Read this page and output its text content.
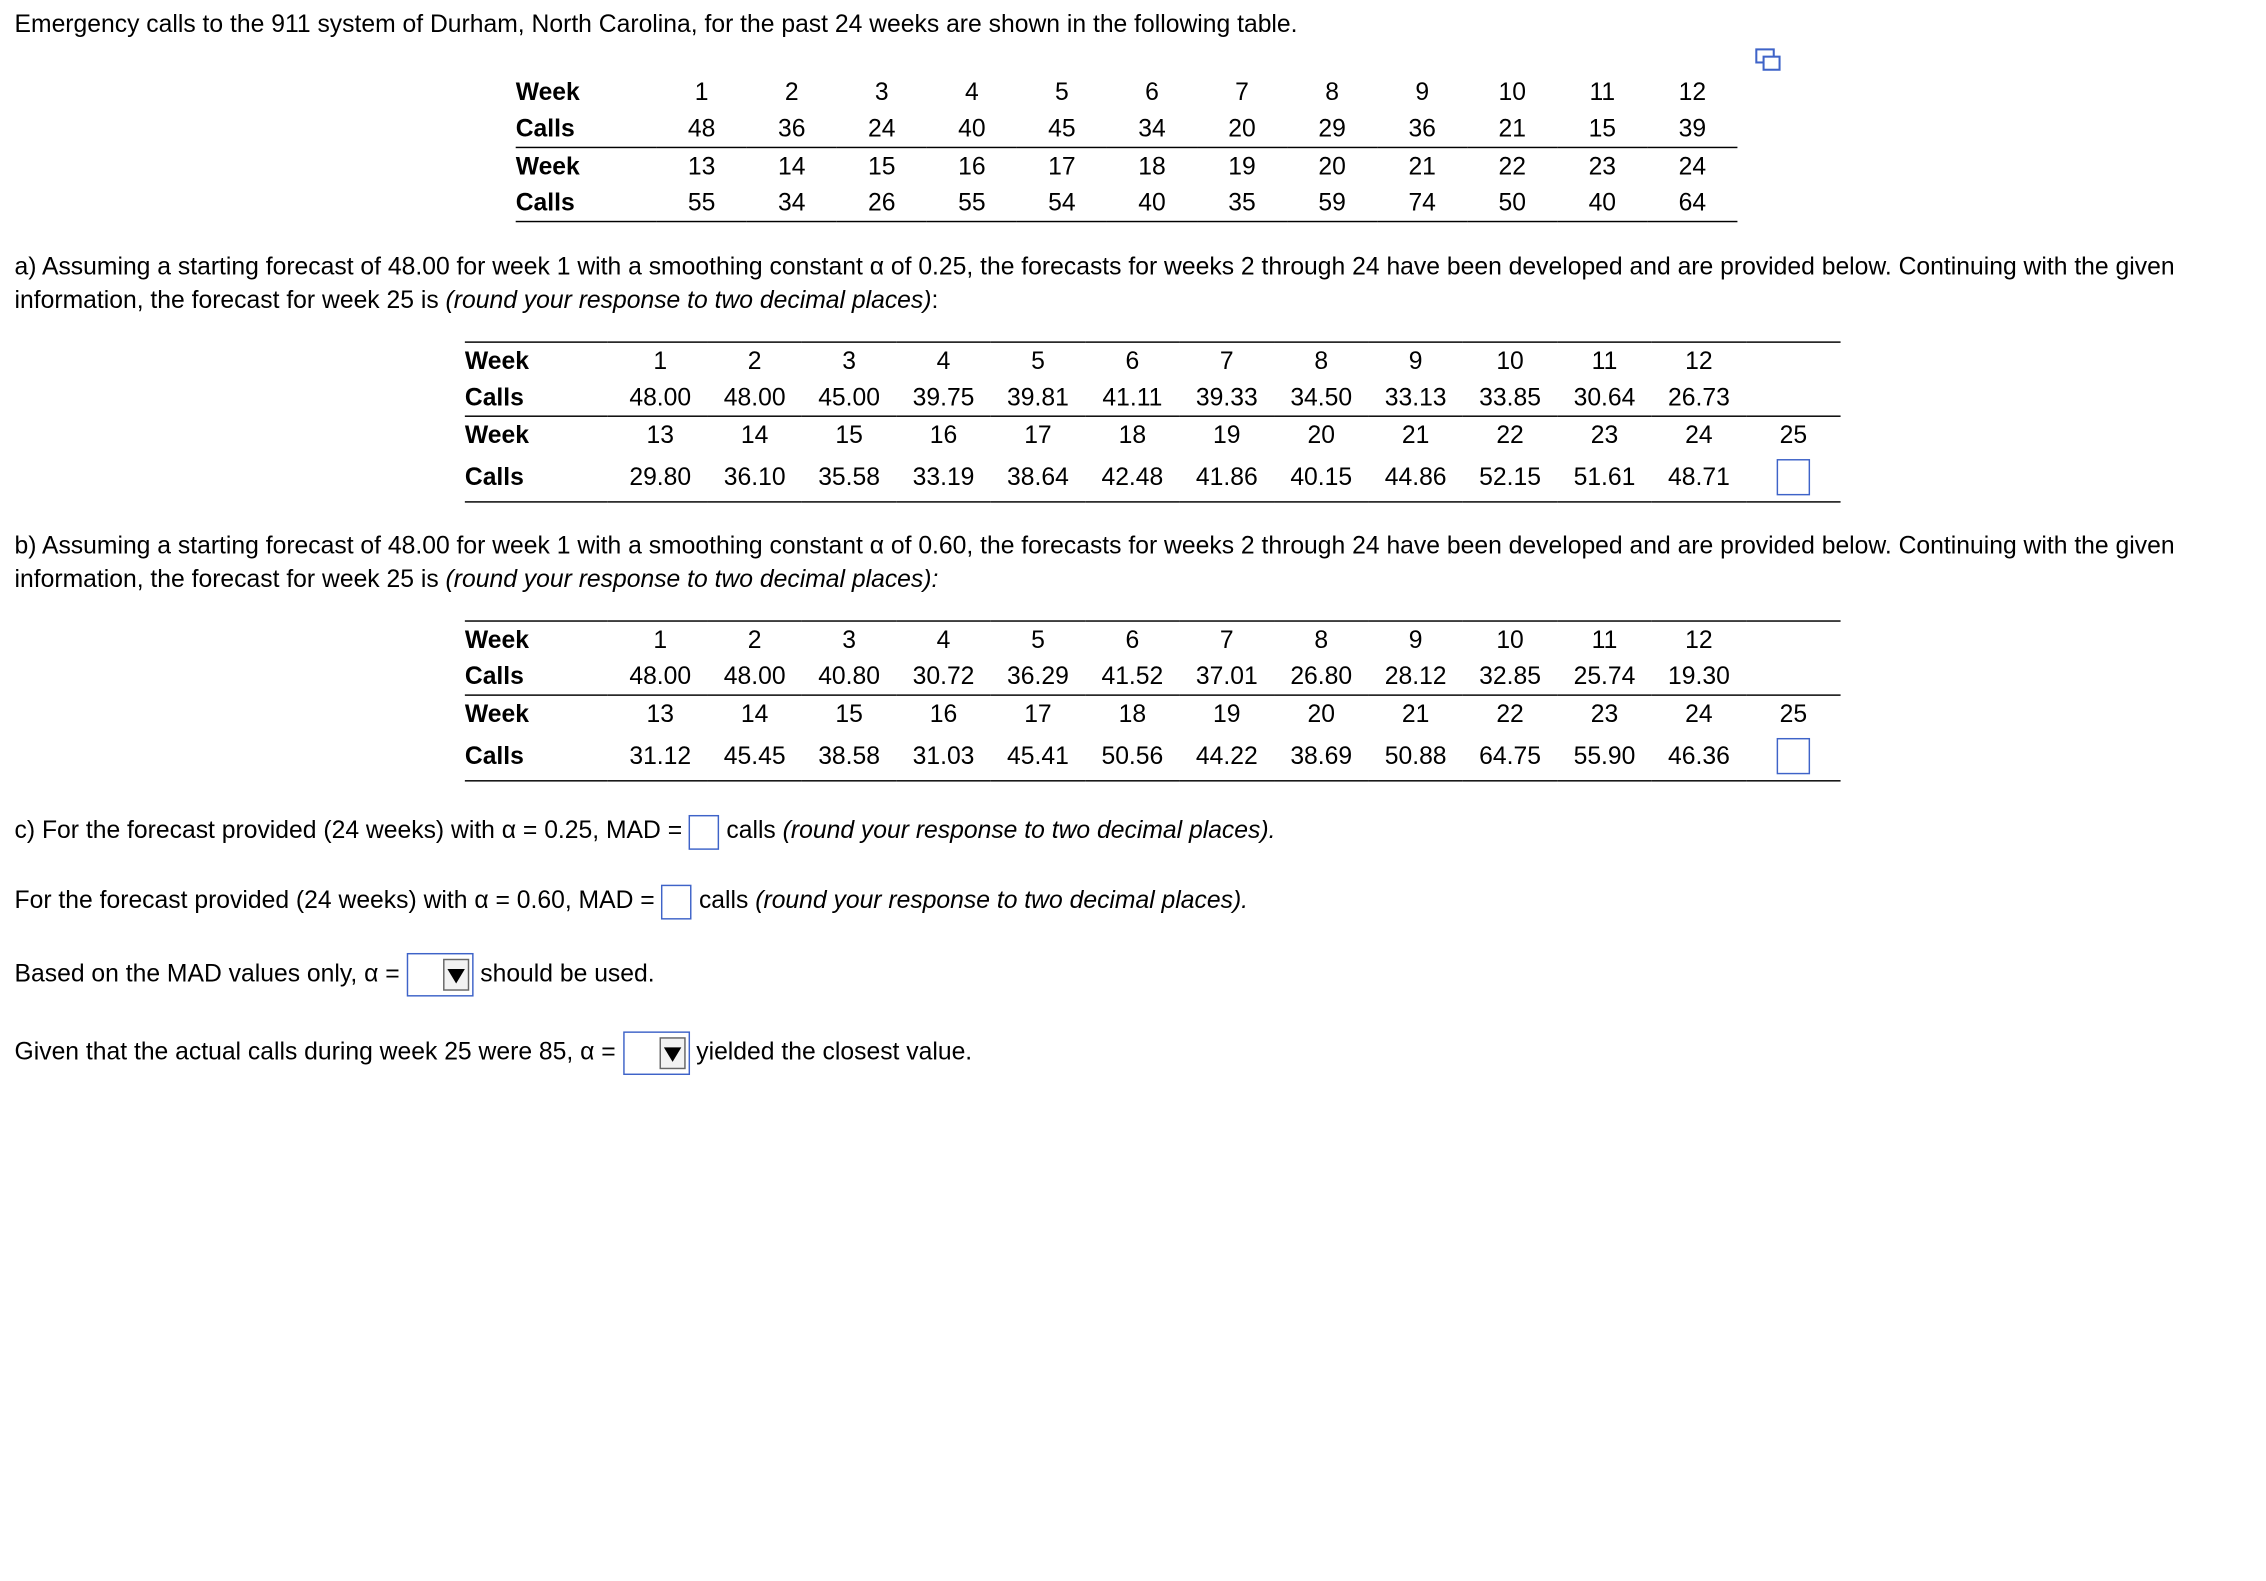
Emergency calls to the 911 system of Durham, North Carolina, for the past 24 weeks are shown in the following table.
Week	1	2	3	4	5	6	7	8	9	10	11	12
Calls	48	36	24	40	45	34	20	29	36	21	15	39
Week	13	14	15	16	17	18	19	20	21	22	23	24
Calls	55	34	26	55	54	40	35	59	74	50	40	64
a) Assuming a starting forecast of 48.00 for week 1 with a smoothing constant α of 0.25, the forecasts for weeks 2 through 24 have been developed and are provided below. Continuing with the given information, the forecast for week 25 is (round your response to two decimal places):
Week	1	2	3	4	5	6	7	8	9	10	11	12	
Calls	48.00	48.00	45.00	39.75	39.81	41.11	39.33	34.50	33.13	33.85	30.64	26.73	
Week	13	14	15	16	17	18	19	20	21	22	23	24	25
Calls	29.80	36.10	35.58	33.19	38.64	42.48	41.86	40.15	44.86	52.15	51.61	48.71	
b) Assuming a starting forecast of 48.00 for week 1 with a smoothing constant α of 0.60, the forecasts for weeks 2 through 24 have been developed and are provided below. Continuing with the given information, the forecast for week 25 is (round your response to two decimal places):
Week	1	2	3	4	5	6	7	8	9	10	11	12	
Calls	48.00	48.00	40.80	30.72	36.29	41.52	37.01	26.80	28.12	32.85	25.74	19.30	
Week	13	14	15	16	17	18	19	20	21	22	23	24	25
Calls	31.12	45.45	38.58	31.03	45.41	50.56	44.22	38.69	50.88	64.75	55.90	46.36	
c) For the forecast provided (24 weeks) with α = 0.25, MAD =  calls (round your response to two decimal places).
For the forecast provided (24 weeks) with α = 0.60, MAD =  calls (round your response to two decimal places).
Based on the MAD values only, α =	should be used.
Given that the actual calls during week 25 were 85, α =	yielded the closest value.
